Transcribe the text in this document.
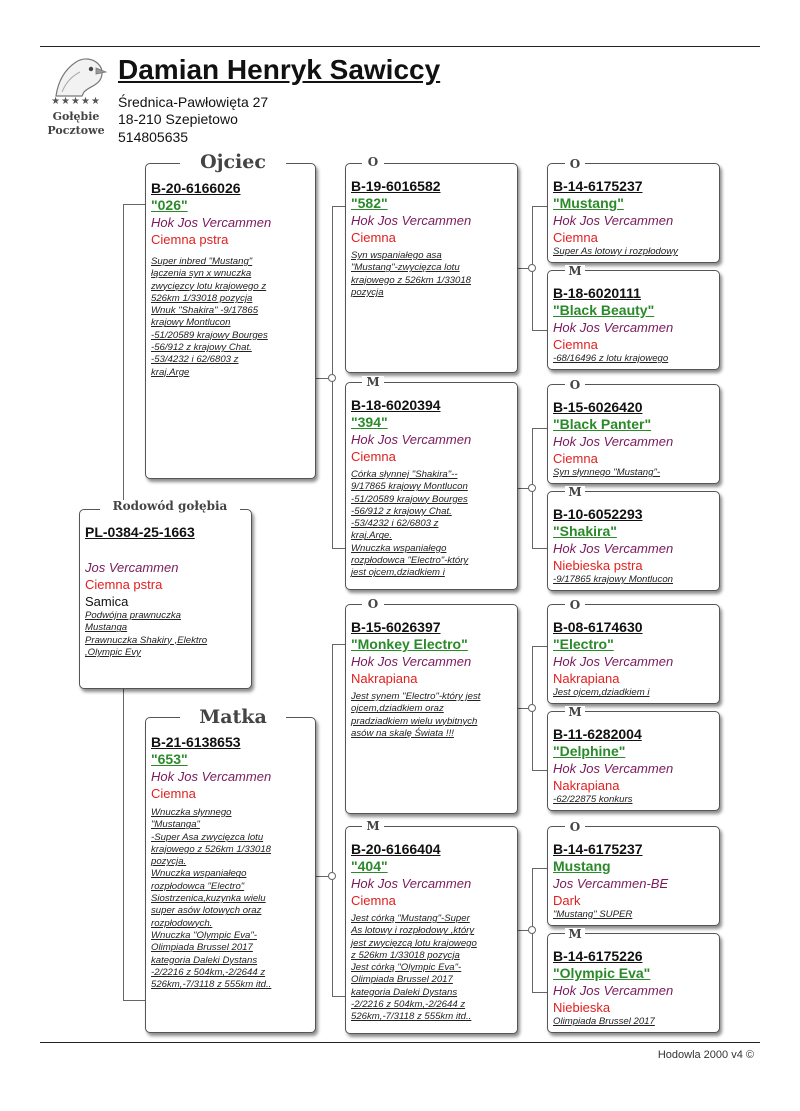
★★★★★
Gołębie
Pocztowe
Damian Henryk Sawiccy
Średnica-Pawłowięta 27
18-210 Szepietowo
514805635
PL-0384-25-1663
Jos Vercammen
Ciemna pstra
Samica
Podwójna prawnuczka
Mustanga
Prawnuczka Shakiry ,Elektro
,Olympic Evy
Rodowód gołębia
B-20-6166026
"026"
Hok Jos Vercammen
Ciemna pstra
Super inbred "Mustang"
łączenia syn x wnuczka
zwycięzcy lotu krajowego z
526km 1/33018 pozycja
Wnuk "Shakira" -9/17865
krajowy Montlucon
-51/20589 krajowy Bourges
-56/912 z krajowy Chat.
-53/4232 i 62/6803 z
kraj.Arge
Ojciec
B-21-6138653
"653"
Hok Jos Vercammen
Ciemna
Wnuczka słynnego
"Mustanga"
-Super Asa zwycięzca lotu
krajowego z 526km 1/33018
pozycja.
Wnuczka wspaniałego
rozpłodowca "Electro"
Siostrzenica,kuzynka wielu
super asów lotowych oraz
rozpłodowych.
Wnuczka "Olympic Eva"-
Olimpiada Brussel 2017
kategoria Daleki Dystans
-2/2216 z 504km,-2/2644 z
526km,-7/3118 z 555km itd..
Matka
B-19-6016582
"582"
Hok Jos Vercammen
Ciemna
Syn wspaniałego asa
"Mustang"-zwycięzca lotu
krajowego z 526km 1/33018
pozycja
O
B-18-6020394
"394"
Hok Jos Vercammen
Ciemna
Córka słynnej "Shakira"--
9/17865 krajowy Montlucon
-51/20589 krajowy Bourges
-56/912 z krajowy Chat.
-53/4232 i 62/6803 z
kraj.Arge.
Wnuczka wspaniałego
rozpłodowca "Electro"-który
jest ojcem,dziadkiem i
M
B-15-6026397
"Monkey Electro"
Hok Jos Vercammen
Nakrapiana
Jest synem "Electro"-który jest
ojcem,dziadkiem oraz
pradziadkiem wielu wybitnych
asów na skalę Świata !!!
O
B-20-6166404
"404"
Hok Jos Vercammen
Ciemna
Jest córką "Mustang"-Super
As lotowy i rozpłodowy ,który
jest zwycięzcą lotu krajowego
z 526km 1/33018 pozycja
Jest córką "Olympic Eva"-
Olimpiada Brussel 2017
kategoria Daleki Dystans
-2/2216 z 504km,-2/2644 z
526km,-7/3118 z 555km itd..
M
B-14-6175237
"Mustang"
Hok Jos Vercammen
Ciemna
Super As lotowy i rozpłodowy
O
B-18-6020111
"Black Beauty"
Hok Jos Vercammen
Ciemna
-68/16496 z lotu krajowego
M
B-15-6026420
"Black Panter"
Hok Jos Vercammen
Ciemna
Syn słynnego "Mustang"-
O
B-10-6052293
"Shakira"
Hok Jos Vercammen
Niebieska pstra
-9/17865 krajowy Montlucon
M
B-08-6174630
"Electro"
Hok Jos Vercammen
Nakrapiana
Jest ojcem,dziadkiem i
O
B-11-6282004
"Delphine"
Hok Jos Vercammen
Nakrapiana
-62/22875 konkurs
M
B-14-6175237
Mustang
Jos Vercammen-BE
Dark
"Mustang" SUPER
O
B-14-6175226
"Olympic Eva"
Hok Jos Vercammen
Niebieska
Olimpiada Brussel 2017
M
Hodowla 2000 v4 ©
